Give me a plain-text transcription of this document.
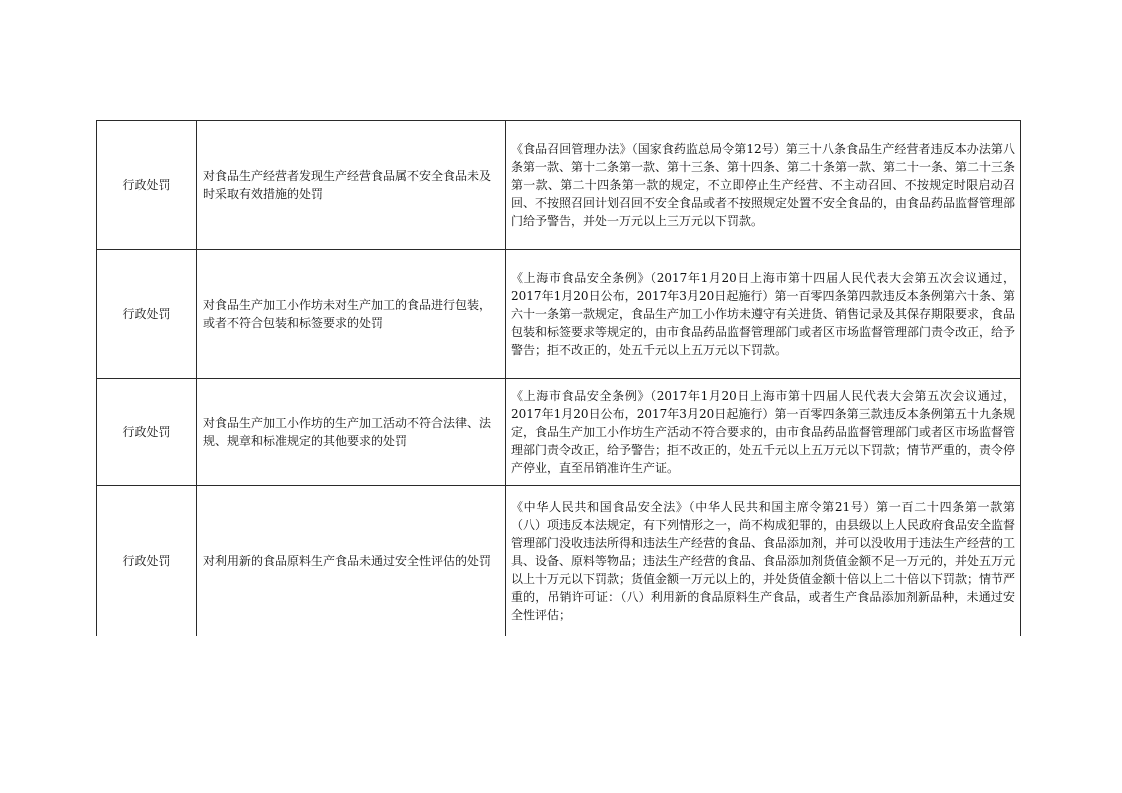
行政处罚	对食品生产经营者发现生产经营食品属不安全食品未及时采取有效措施的处罚	《食品召回管理办法》（国家食药监总局令第12号）第三十八条食品生产经营者违反本办法第八条第一款、第十二条第一款、第十三条、第十四条、第二十条第一款、第二十一条、第二十三条第一款、第二十四条第一款的规定，不立即停止生产经营、不主动召回、不按规定时限启动召回、不按照召回计划召回不安全食品或者不按照规定处置不安全食品的，由食品药品监督管理部门给予警告，并处一万元以上三万元以下罚款。
行政处罚	对食品生产加工小作坊未对生产加工的食品进行包装，或者不符合包装和标签要求的处罚	《上海市食品安全条例》（2017年1月20日上海市第十四届人民代表大会第五次会议通过，2017年1月20日公布，2017年3月20日起施行）第一百零四条第四款违反本条例第六十条、第六十一条第一款规定，食品生产加工小作坊未遵守有关进货、销售记录及其保存期限要求，食品包装和标签要求等规定的，由市食品药品监督管理部门或者区市场监督管理部门责令改正，给予警告；拒不改正的，处五千元以上五万元以下罚款。
行政处罚	对食品生产加工小作坊的生产加工活动不符合法律、法规、规章和标准规定的其他要求的处罚	《上海市食品安全条例》（2017年1月20日上海市第十四届人民代表大会第五次会议通过，2017年1月20日公布，2017年3月20日起施行）第一百零四条第三款违反本条例第五十九条规定，食品生产加工小作坊生产活动不符合要求的，由市食品药品监督管理部门或者区市场监督管理部门责令改正，给予警告；拒不改正的，处五千元以上五万元以下罚款；情节严重的，责令停产停业，直至吊销准许生产证。
行政处罚	对利用新的食品原料生产食品未通过安全性评估的处罚	《中华人民共和国食品安全法》（中华人民共和国主席令第21号）第一百二十四条第一款第（八）项违反本法规定，有下列情形之一，尚不构成犯罪的，由县级以上人民政府食品安全监督管理部门没收违法所得和违法生产经营的食品、食品添加剂，并可以没收用于违法生产经营的工具、设备、原料等物品；违法生产经营的食品、食品添加剂货值金额不足一万元的，并处五万元以上十万元以下罚款；货值金额一万元以上的，并处货值金额十倍以上二十倍以下罚款；情节严重的，吊销许可证：（八）利用新的食品原料生产食品，或者生产食品添加剂新品种，未通过安全性评估；
